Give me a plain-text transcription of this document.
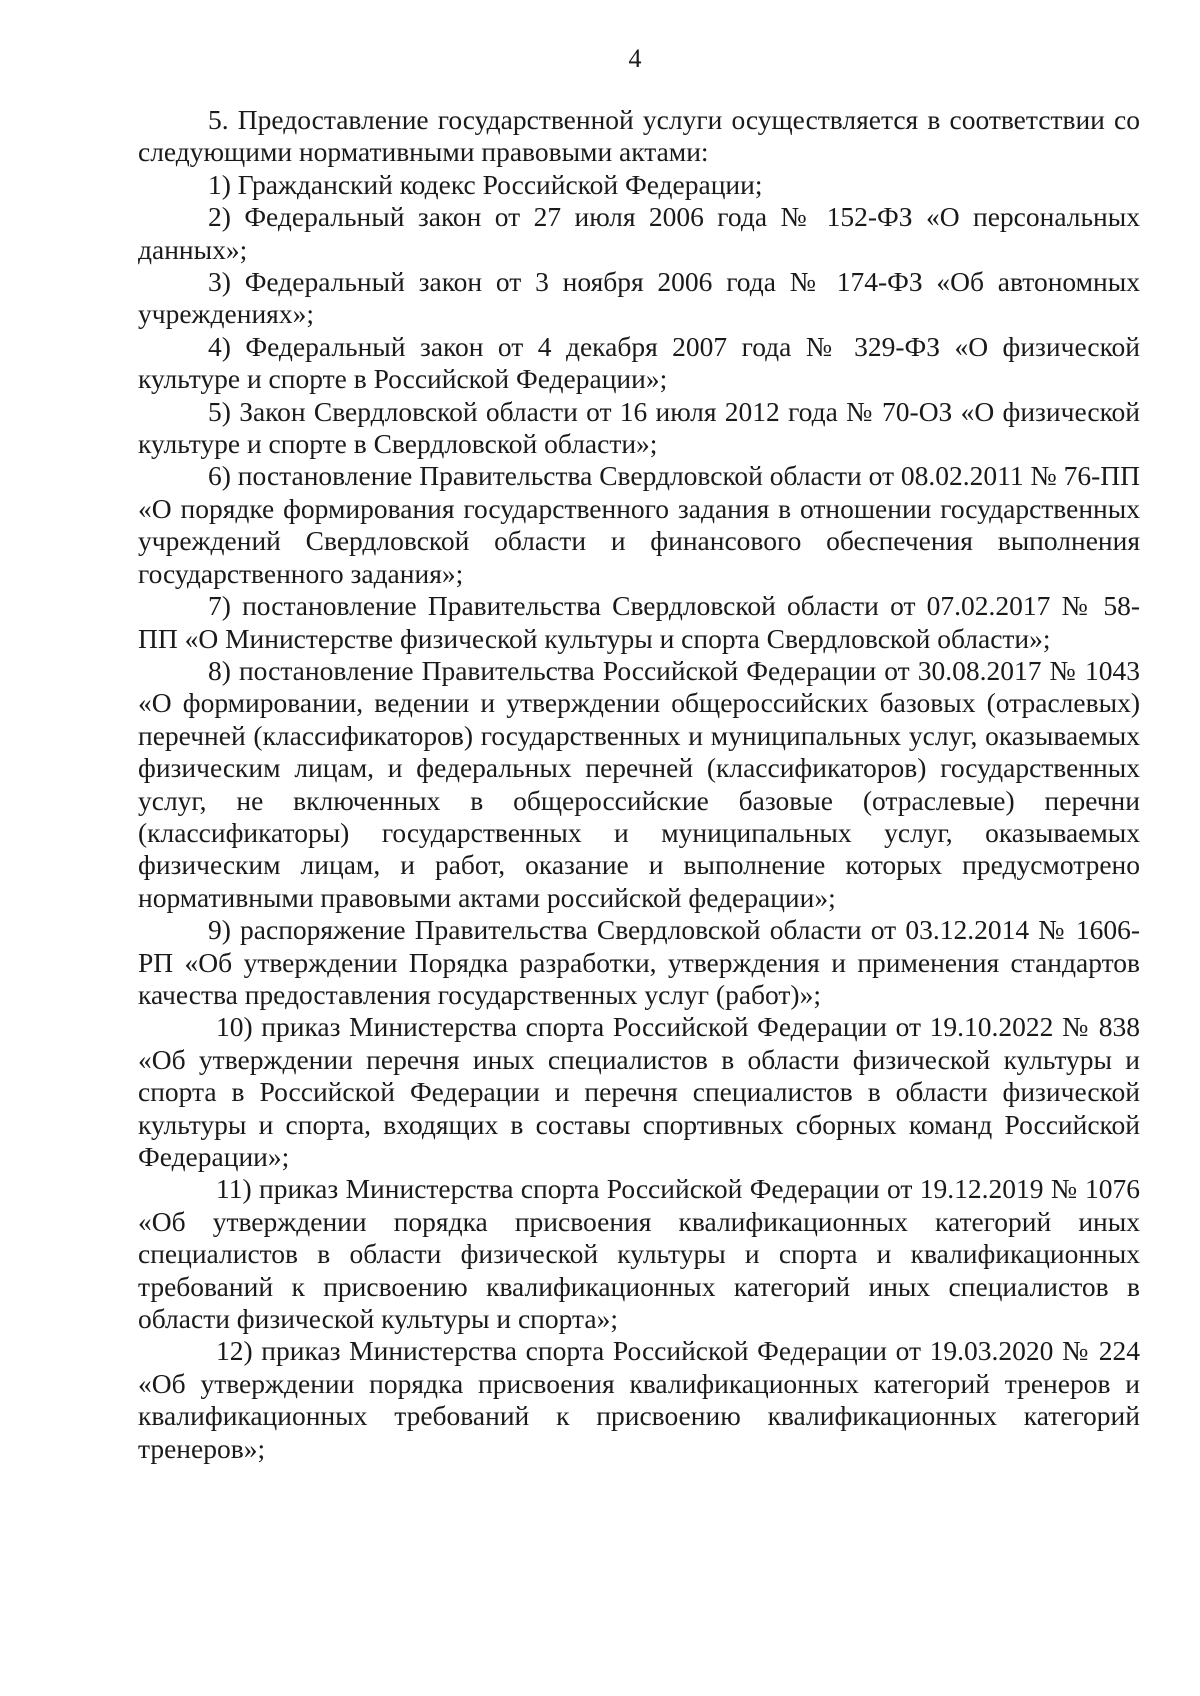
4

5. Предоставление государственной услуги осуществляется в соответствии со следующими нормативными правовыми актами:

1) Гражданский кодекс Российской Федерации;

2) Федеральный закон от 27 июля 2006 года № 152-ФЗ «О персональных данных»;

3) Федеральный закон от 3 ноября 2006 года № 174-ФЗ «Об автономных учреждениях»;

4) Федеральный закон от 4 декабря 2007 года № 329-ФЗ «О физической культуре и спорте в Российской Федерации»;

5) Закон Свердловской области от 16 июля 2012 года № 70-ОЗ «О физической культуре и спорте в Свердловской области»;

6) постановление Правительства Свердловской области от 08.02.2011 № 76-ПП «О порядке формирования государственного задания в отношении государственных учреждений Свердловской области и финансового обеспечения выполнения государственного задания»;

7) постановление Правительства Свердловской области от 07.02.2017 № 58-ПП «О Министерстве физической культуры и спорта Свердловской области»;

8) постановление Правительства Российской Федерации от 30.08.2017 № 1043 «О формировании, ведении и утверждении общероссийских базовых (отраслевых) перечней (классификаторов) государственных и муниципальных услуг, оказываемых физическим лицам, и федеральных перечней (классификаторов) государственных услуг, не включенных в общероссийские базовые (отраслевые) перечни (классификаторы) государственных и муниципальных услуг, оказываемых физическим лицам, и работ, оказание и выполнение которых предусмотрено нормативными правовыми актами российской федерации»;

9) распоряжение Правительства Свердловской области от 03.12.2014 № 1606-РП «Об утверждении Порядка разработки, утверждения и применения стандартов качества предоставления государственных услуг (работ)»;

10) приказ Министерства спорта Российской Федерации от 19.10.2022 № 838 «Об утверждении перечня иных специалистов в области физической культуры и спорта в Российской Федерации и перечня специалистов в области физической культуры и спорта, входящих в составы спортивных сборных команд Российской Федерации»;

11) приказ Министерства спорта Российской Федерации от 19.12.2019 № 1076 «Об утверждении порядка присвоения квалификационных категорий иных специалистов в области физической культуры и спорта и квалификационных требований к присвоению квалификационных категорий иных специалистов в области физической культуры и спорта»;

12) приказ Министерства спорта Российской Федерации от 19.03.2020 № 224 «Об утверждении порядка присвоения квалификационных категорий тренеров и квалификационных требований к присвоению квалификационных категорий тренеров»;
